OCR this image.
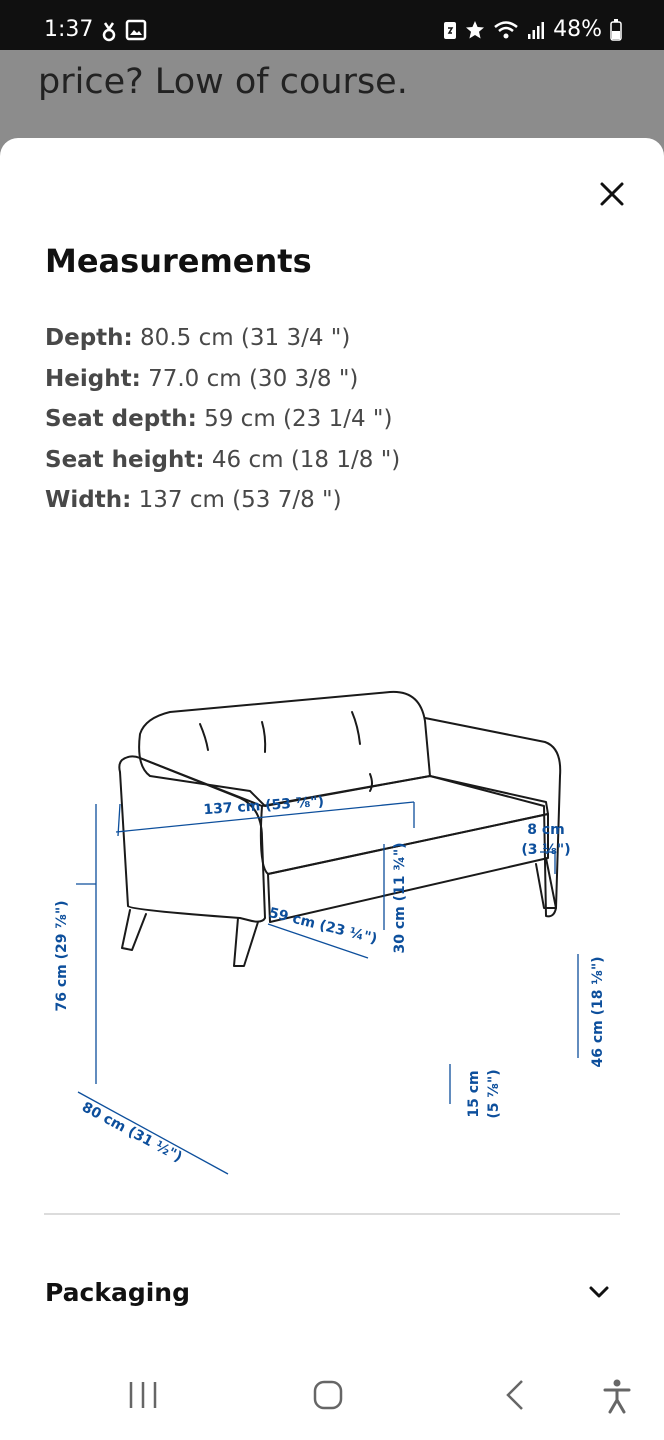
1:37	48%
price? Low of course.
Measurements
Depth: 80.5 cm (31 3/4 ")
Height: 77.0 cm (30 3/8 ")
Seat depth: 59 cm (23 1/4 ")
Seat height: 46 cm (18 1/8 ")
Width: 137 cm (53 7/8 ")
137 cm (53 ⅞")
8 cm
(3 ⅛")
76 cm (29 ⅞")	59 cm (23 ¼") 30 cm (11 ¾")
46 cm (18 ⅛")
15 cm (5 ⅞")
80 cm (31 ½")
Packaging
